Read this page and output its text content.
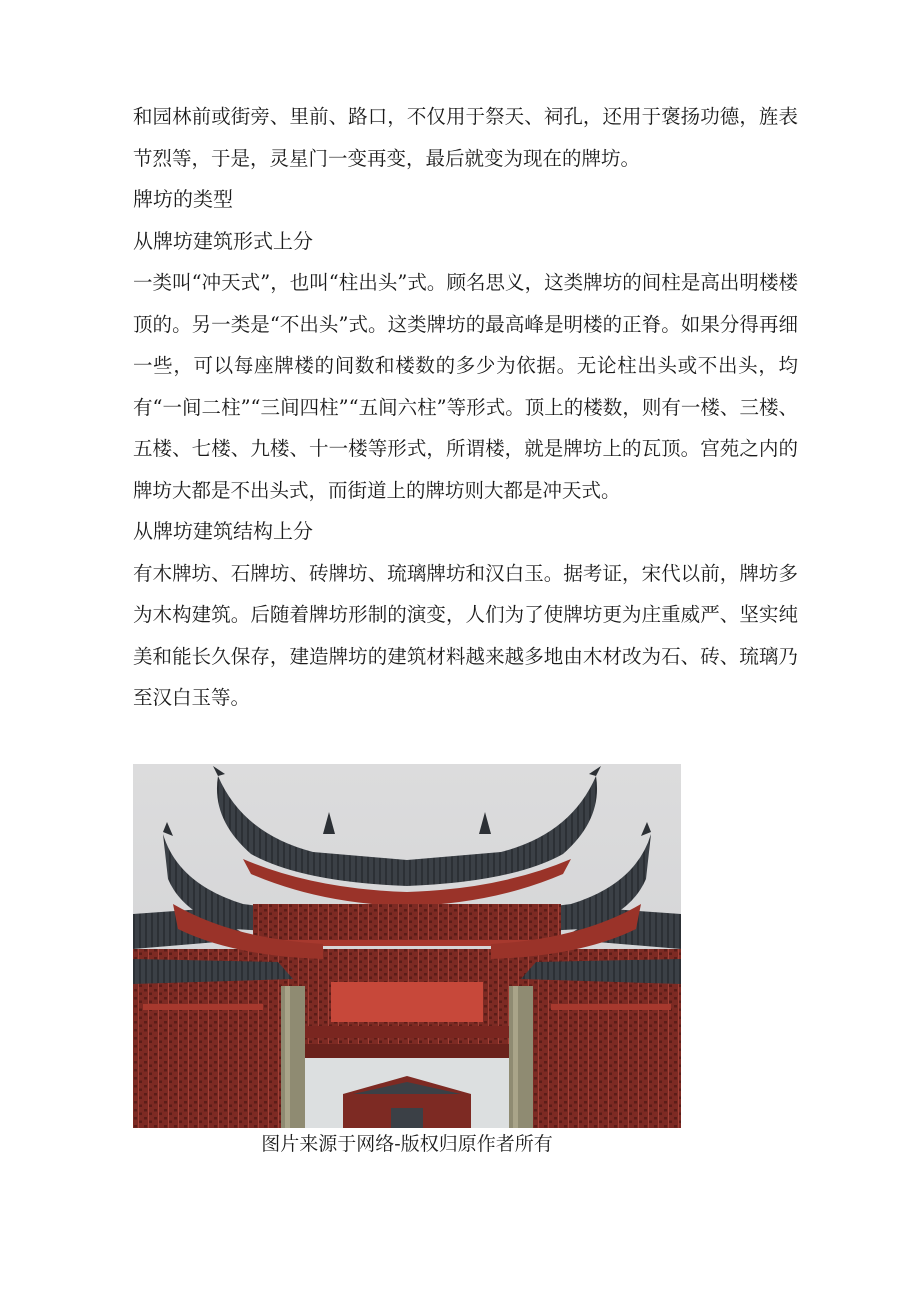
和园林前或街旁、里前、路口，不仅用于祭天、祠孔，还用于褒扬功德，旌表节烈等，于是，灵星门一变再变，最后就变为现在的牌坊。

牌坊的类型

从牌坊建筑形式上分

一类叫“冲天式”，也叫“柱出头”式。顾名思义，这类牌坊的间柱是高出明楼楼顶的。另一类是“不出头”式。这类牌坊的最高峰是明楼的正脊。如果分得再细一些，可以每座牌楼的间数和楼数的多少为依据。无论柱出头或不出头，均有“一间二柱”“三间四柱”“五间六柱”等形式。顶上的楼数，则有一楼、三楼、五楼、七楼、九楼、十一楼等形式，所谓楼，就是牌坊上的瓦顶。宫苑之内的牌坊大都是不出头式，而街道上的牌坊则大都是冲天式。

从牌坊建筑结构上分

有木牌坊、石牌坊、砖牌坊、琉璃牌坊和汉白玉。据考证，宋代以前，牌坊多为木构建筑。后随着牌坊形制的演变，人们为了使牌坊更为庄重威严、坚实纯美和能长久保存，建造牌坊的建筑材料越来越多地由木材改为石、砖、琉璃乃至汉白玉等。

图片来源于网络-版权归原作者所有
